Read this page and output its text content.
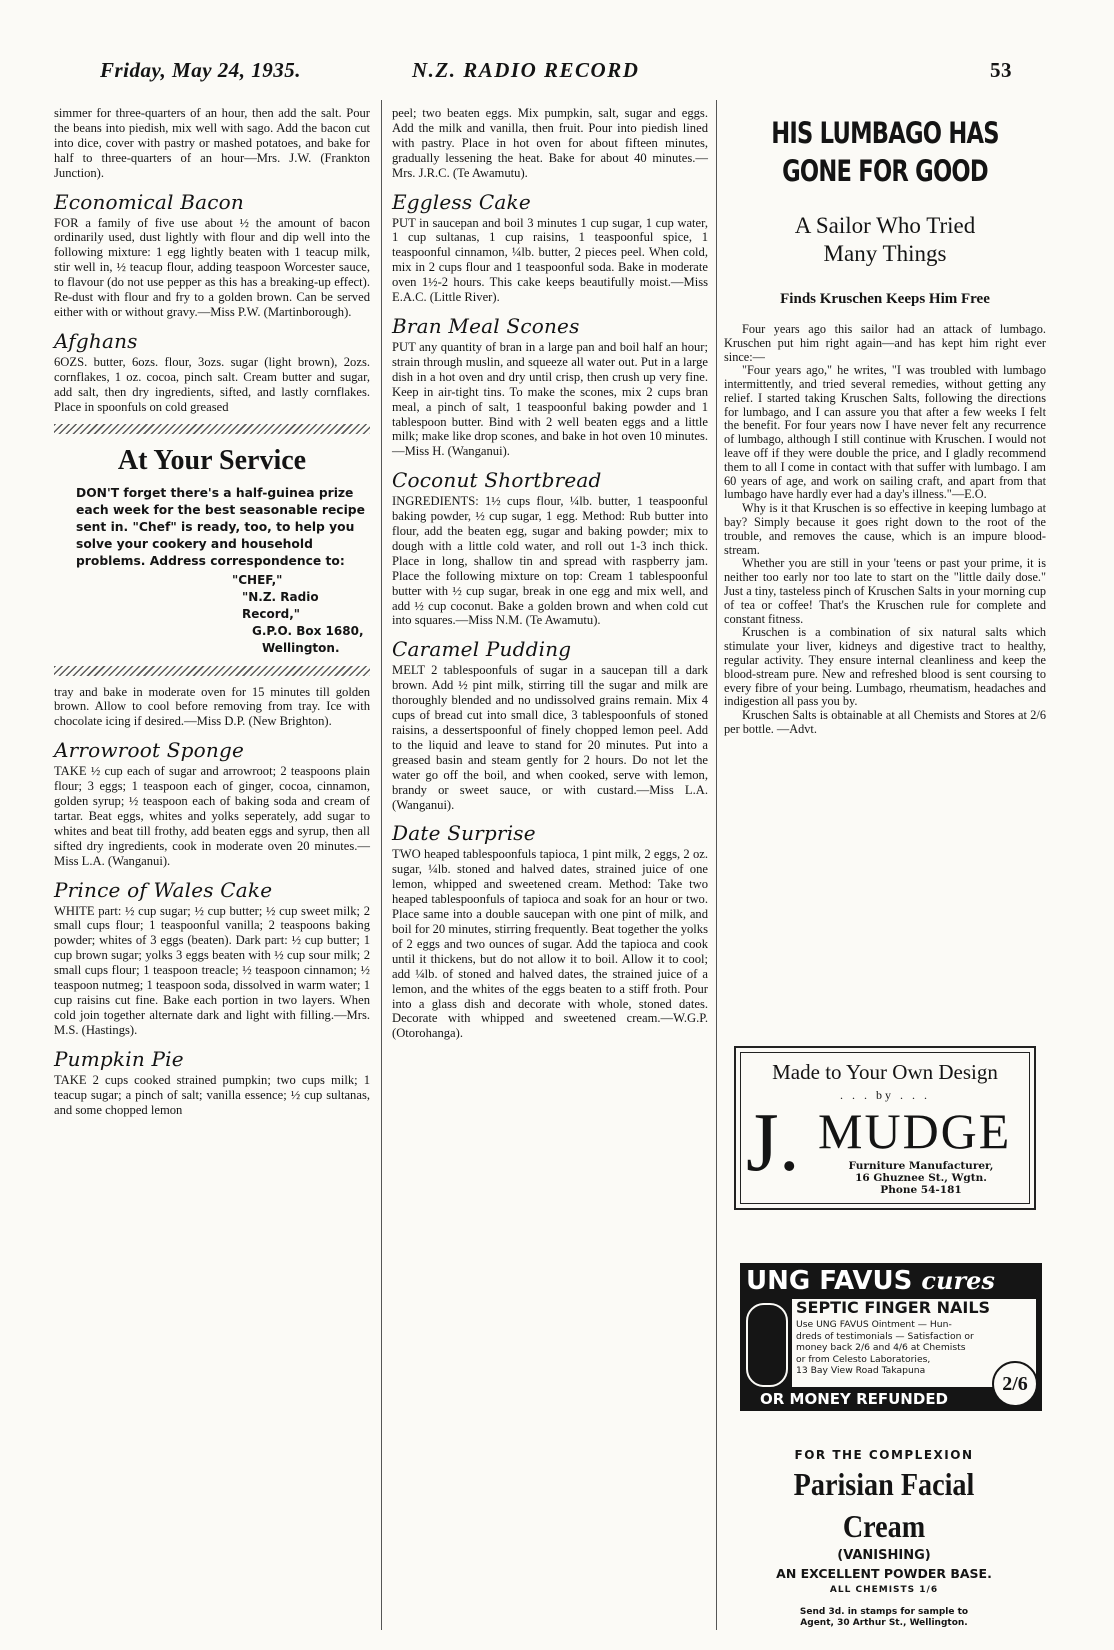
Friday, May 24, 1935.	N.Z. RADIO RECORD	53

simmer for three-quarters of an hour, then add the salt. Pour the beans into piedish, mix well with sago. Add the bacon cut into dice, cover with pastry or mashed potatoes, and bake for half to three-quarters of an hour—Mrs. J.W. (Frankton Junction).

Economical Bacon

FOR a family of five use about ½ the amount of bacon ordinarily used, dust lightly with flour and dip well into the following mixture: 1 egg lightly beaten with 1 teacup milk, stir well in, ½ teacup flour, adding teaspoon Worcester sauce, to flavour (do not use pepper as this has a breaking-up effect). Re-dust with flour and fry to a golden brown. Can be served either with or without gravy.—Miss P.W. (Martinborough).

Afghans

6OZS. butter, 6ozs. flour, 3ozs. sugar (light brown), 2ozs. cornflakes, 1 oz. cocoa, pinch salt. Cream butter and sugar, add salt, then dry ingredients, sifted, and lastly cornflakes. Place in spoonfuls on cold greased

At Your Service

DON'T forget there's a half-guinea prize each week for the best seasonable recipe sent in. "Chef" is ready, too, to help you solve your cookery and household problems. Address correspondence to:

"CHEF,"
"N.Z. Radio Record,"
G.P.O. Box 1680,
Wellington.

tray and bake in moderate oven for 15 minutes till golden brown. Allow to cool before removing from tray. Ice with chocolate icing if desired.—Miss D.P. (New Brighton).

Arrowroot Sponge

TAKE ½ cup each of sugar and arrowroot; 2 teaspoons plain flour; 3 eggs; 1 teaspoon each of ginger, cocoa, cinnamon, golden syrup; ½ teaspoon each of baking soda and cream of tartar. Beat eggs, whites and yolks seperately, add sugar to whites and beat till frothy, add beaten eggs and syrup, then all sifted dry ingredients, cook in moderate oven 20 minutes.—Miss L.A. (Wanganui).

Prince of Wales Cake

WHITE part: ½ cup sugar; ½ cup butter; ½ cup sweet milk; 2 small cups flour; 1 teaspoonful vanilla; 2 teaspoons baking powder; whites of 3 eggs (beaten). Dark part: ½ cup butter; 1 cup brown sugar; yolks 3 eggs beaten with ½ cup sour milk; 2 small cups flour; 1 teaspoon treacle; ½ teaspoon cinnamon; ½ teaspoon nutmeg; 1 teaspoon soda, dissolved in warm water; 1 cup raisins cut fine. Bake each portion in two layers. When cold join together alternate dark and light with filling.—Mrs. M.S. (Hastings).

Pumpkin Pie

TAKE 2 cups cooked strained pumpkin; two cups milk; 1 teacup sugar; a pinch of salt; vanilla essence; ½ cup sultanas, and some chopped lemon

peel; two beaten eggs. Mix pumpkin, salt, sugar and eggs. Add the milk and vanilla, then fruit. Pour into piedish lined with pastry. Place in hot oven for about fifteen minutes, gradually lessening the heat. Bake for about 40 minutes.—Mrs. J.R.C. (Te Awamutu).

Eggless Cake

PUT in saucepan and boil 3 minutes 1 cup sugar, 1 cup water, 1 cup sultanas, 1 cup raisins, 1 teaspoonful spice, 1 teaspoonful cinnamon, ¼lb. butter, 2 pieces peel. When cold, mix in 2 cups flour and 1 teaspoonful soda. Bake in moderate oven 1½-2 hours. This cake keeps beautifully moist.—Miss E.A.C. (Little River).

Bran Meal Scones

PUT any quantity of bran in a large pan and boil half an hour; strain through muslin, and squeeze all water out. Put in a large dish in a hot oven and dry until crisp, then crush up very fine. Keep in air-tight tins. To make the scones, mix 2 cups bran meal, a pinch of salt, 1 teaspoonful baking powder and 1 tablespoon butter. Bind with 2 well beaten eggs and a little milk; make like drop scones, and bake in hot oven 10 minutes.—Miss H. (Wanganui).

Coconut Shortbread

INGREDIENTS: 1½ cups flour, ¼lb. butter, 1 teaspoonful baking powder, ½ cup sugar, 1 egg. Method: Rub butter into flour, add the beaten egg, sugar and baking powder; mix to dough with a little cold water, and roll out 1-3 inch thick. Place in long, shallow tin and spread with raspberry jam. Place the following mixture on top: Cream 1 tablespoonful butter with ½ cup sugar, break in one egg and mix well, and add ½ cup coconut. Bake a golden brown and when cold cut into squares.—Miss N.M. (Te Awamutu).

Caramel Pudding

MELT 2 tablespoonfuls of sugar in a saucepan till a dark brown. Add ½ pint milk, stirring till the sugar and milk are thoroughly blended and no undissolved grains remain. Mix 4 cups of bread cut into small dice, 3 tablespoonfuls of stoned raisins, a dessertspoonful of finely chopped lemon peel. Add to the liquid and leave to stand for 20 minutes. Put into a greased basin and steam gently for 2 hours. Do not let the water go off the boil, and when cooked, serve with lemon, brandy or sweet sauce, or with custard.—Miss L.A. (Wanganui).

Date Surprise

TWO heaped tablespoonfuls tapioca, 1 pint milk, 2 eggs, 2 oz. sugar, ¼lb. stoned and halved dates, strained juice of one lemon, whipped and sweetened cream. Method: Take two heaped tablespoonfuls of tapioca and soak for an hour or two. Place same into a double saucepan with one pint of milk, and boil for 20 minutes, stirring frequently. Beat together the yolks of 2 eggs and two ounces of sugar. Add the tapioca and cook until it thickens, but do not allow it to boil. Allow it to cool; add ¼lb. of stoned and halved dates, the strained juice of a lemon, and the whites of the eggs beaten to a stiff froth. Pour into a glass dish and decorate with whole, stoned dates. Decorate with whipped and sweetened cream.—W.G.P. (Otorohanga).

HIS LUMBAGO HAS
GONE FOR GOOD
A Sailor Who Tried
Many Things
Finds Kruschen Keeps Him Free

Four years ago this sailor had an attack of lumbago. Kruschen put him right again—and has kept him right ever since:—

"Four years ago," he writes, "I was troubled with lumbago intermittently, and tried several remedies, without getting any relief. I started taking Kruschen Salts, following the directions for lumbago, and I can assure you that after a few weeks I felt the benefit. For four years now I have never felt any recurrence of lumbago, although I still continue with Kruschen. I would not leave off if they were double the price, and I gladly recommend them to all I come in contact with that suffer with lumbago. I am 60 years of age, and work on sailing craft, and apart from that lumbago have hardly ever had a day's illness."—E.O.

Why is it that Kruschen is so effective in keeping lumbago at bay? Simply because it goes right down to the root of the trouble, and removes the cause, which is an impure blood-stream.

Whether you are still in your 'teens or past your prime, it is neither too early nor too late to start on the "little daily dose." Just a tiny, tasteless pinch of Kruschen Salts in your morning cup of tea or coffee! That's the Kruschen rule for complete and constant fitness.

Kruschen is a combination of six natural salts which stimulate your liver, kidneys and digestive tract to healthy, regular activity. They ensure internal cleanliness and keep the blood-stream pure. New and refreshed blood is sent coursing to every fibre of your being. Lumbago, rheumatism, headaches and indigestion all pass you by.

Kruschen Salts is obtainable at all Chemists and Stores at 2/6 per bottle. —Advt.

Made to Your Own Design
. . . by . . .
J. MUDGE
Furniture Manufacturer,
16 Ghuznee St., Wgtn.
Phone 54-181
UNG FAVUS cures
SEPTIC FINGER NAILS
Use UNG FAVUS Ointment — Hun-
dreds of testimonials — Satisfaction or
money back 2/6 and 4/6 at Chemists
or from Celesto Laboratories,
13 Bay View Road Takapuna
2/6
OR MONEY REFUNDED
FOR THE COMPLEXION
Parisian Facial Cream
(VANISHING)
AN EXCELLENT POWDER BASE.
ALL CHEMISTS 1/6
Send 3d. in stamps for sample to
Agent, 30 Arthur St., Wellington.
